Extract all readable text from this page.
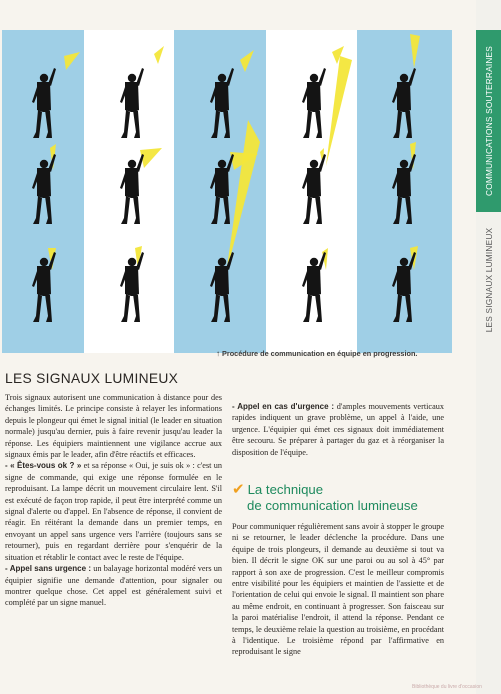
↑ Procédure de communication en équipe en progression.
COMMUNICATIONS SOUTERRAINES
LES SIGNAUX LUMINEUX
LES SIGNAUX LUMINEUX

Trois signaux autorisent une communication à distance pour des échanges limités. Le principe consiste à relayer les informations depuis le plongeur qui émet le signal initial (le leader en situation normale) jusqu'au dernier, puis à faire revenir jusqu'au leader la réponse. Les équipiers maintiennent une vigilance accrue aux signaux émis par le leader, afin d'être réactifs et efficaces.

- « Êtes-vous ok ? » et sa réponse « Oui, je suis ok » : c'est un signe de commande, qui exige une réponse formulée en le reproduisant. La lampe décrit un mouvement circulaire lent. S'il est exécuté de façon trop rapide, il peut être interprété comme un signal d'alerte ou d'appel. En l'absence de réponse, il convient de réagir. En réitérant la demande dans un premier temps, en envoyant un appel sans urgence vers l'arrière (toujours sans se retourner), puis en regardant derrière pour s'enquérir de la situation et rétablir le contact avec le reste de l'équipe.

- Appel sans urgence : un balayage horizontal modéré vers un équipier signifie une demande d'attention, pour signaler ou montrer quelque chose. Cet appel est généralement suivi et complété par un signe manuel.

- Appel en cas d'urgence : d'amples mouvements verticaux rapides indiquent un grave problème, un appel à l'aide, une urgence. L'équipier qui émet ces signaux doit immédiatement être secouru. Se préparer à partager du gaz et à réorganiser la disposition de l'équipe.

✔ La technique
de communication lumineuse

Pour communiquer régulièrement sans avoir à stopper le groupe ni se retourner, le leader déclenche la procédure. Dans une équipe de trois plongeurs, il demande au deuxième si tout va bien. Il décrit le signe OK sur une paroi ou au sol à 45° par rapport à son axe de progression. C'est le meilleur compromis entre visibilité pour les équipiers et maintien de l'assiette et de l'orientation de celui qui envoie le signal. Il maintient son phare au même endroit, en continuant à progresser. Son faisceau sur la paroi matérialise l'endroit, il attend la réponse. Pendant ce temps, le deuxième relaie la question au troisième, en procédant à l'identique. Le troisième répond par l'affirmative en reproduisant le signe

Bibliothèque du livre d'occasion
